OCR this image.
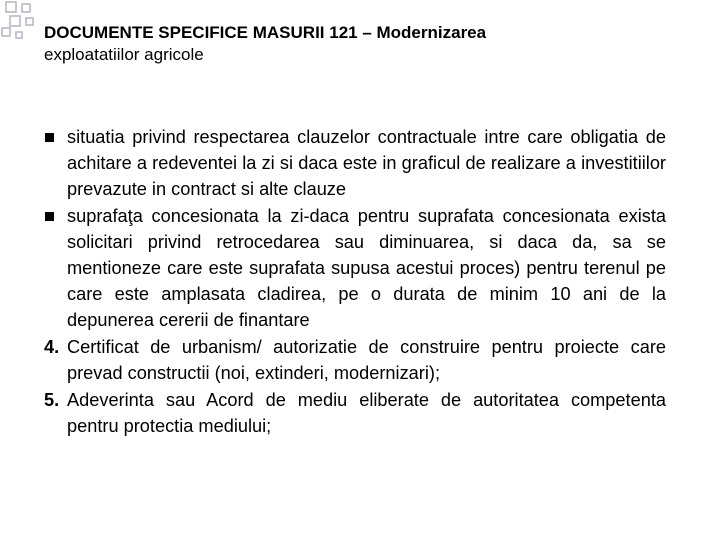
DOCUMENTE SPECIFICE MASURII 121 – Modernizarea
exploatatiilor agricole
situatia privind respectarea clauzelor contractuale intre care obligatia de achitare a redeventei la zi si daca este in graficul de realizare a investitiilor prevazute in contract si alte clauze
suprafaţa concesionata la zi-daca pentru suprafata concesionata exista solicitari privind retrocedarea sau diminuarea, si daca da, sa se mentioneze care este suprafata supusa acestui proces) pentru terenul pe care este amplasata cladirea, pe o durata de minim 10 ani de la depunerea cererii de finantare
4. Certificat de urbanism/ autorizatie de construire pentru proiecte care prevad constructii (noi, extinderi, modernizari);
5. Adeverinta sau Acord de mediu eliberate de autoritatea competenta pentru protectia mediului;
